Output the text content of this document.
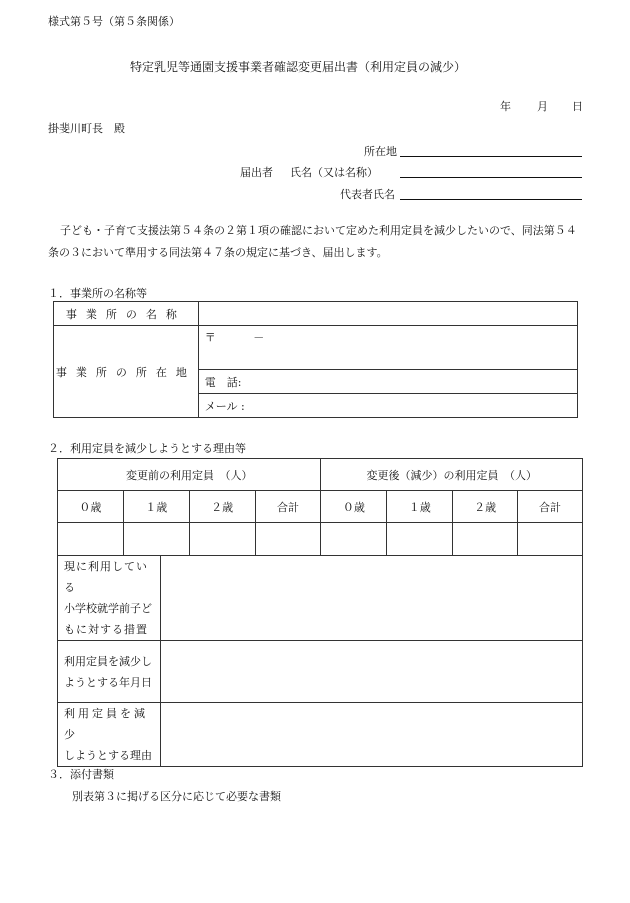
様式第５号（第５条関係）
特定乳児等通園支援事業者確認変更届出書（利用定員の減少）
年 月 日
掛斐川町長　殿
所在地
届出者 氏名（又は名称）
代表者氏名
子ども・子育て支援法第５４条の２第１項の確認において定めた利用定員を減少したいので、同法第５４条の３において準用する同法第４７条の規定に基づき、届出します。
１．事業所の名称等
事業所の名称	
事業所の所在地	〒 －
	電　話:
	メール :
２．利用定員を減少しようとする理由等
変更前の利用定員　（人）				変更後（減少）の利用定員　（人）			
０歳	１歳	２歳	合計	０歳	１歳	２歳	合計

現に利用している
小学校就学前子ど
もに対する措置	

利用定員を減少し
ようとする年月日	

利用定員を減少
しようとする理由	

３．添付書類
別表第３に掲げる区分に応じて必要な書類
